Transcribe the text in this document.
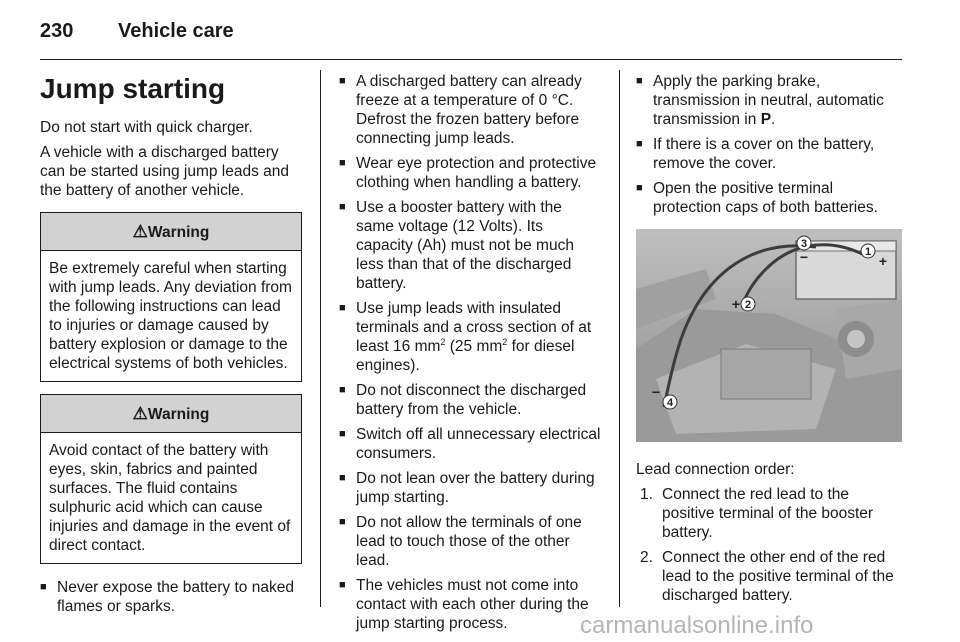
230 Vehicle care
Jump starting

Do not start with quick charger.

A vehicle with a discharged battery can be started using jump leads and the battery of another vehicle.

⚠Warning
Be extremely careful when starting with jump leads. Any deviation from the following instructions can lead to injuries or damage caused by battery explosion or damage to the electrical systems of both vehicles.
⚠Warning
Avoid contact of the battery with eyes, skin, fabrics and painted surfaces. The fluid contains sulphuric acid which can cause injuries and damage in the event of direct contact.
■ Never expose the battery to naked flames or sparks.
■ A discharged battery can already freeze at a temperature of 0 °C. Defrost the frozen battery before connecting jump leads.
■ Wear eye protection and protective clothing when handling a battery.
■ Use a booster battery with the same voltage (12 Volts). Its capacity (Ah) must not be much less than that of the discharged battery.
■ Use jump leads with insulated terminals and a cross section of at least 16 $mm^2$ (25 $mm^2$ for diesel engines).
■ Do not disconnect the discharged battery from the vehicle.
■ Switch off all unnecessary electrical consumers.
■ Do not lean over the battery during jump starting.
■ Do not allow the terminals of one lead to touch those of the other lead.
■ The vehicles must not come into contact with each other during the jump starting process.
■ Apply the parking brake, transmission in neutral, automatic transmission in P.
■ If there is a cover on the battery, remove the cover.
■ Open the positive terminal protection caps of both batteries.
1
+
2
+
3
−
4
−

Lead connection order:

1. Connect the red lead to the positive terminal of the booster battery.
2. Connect the other end of the red lead to the positive terminal of the discharged battery.
carmanualsonline.info
